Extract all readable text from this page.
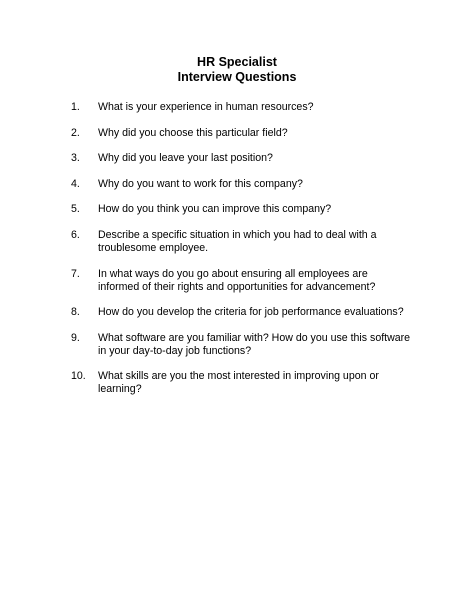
HR Specialist
Interview Questions
1. What is your experience in human resources?
2. Why did you choose this particular field?
3. Why did you leave your last position?
4. Why do you want to work for this company?
5. How do you think you can improve this company?
6. Describe a specific situation in which you had to deal with a troublesome employee.
7. In what ways do you go about ensuring all employees are informed of their rights and opportunities for advancement?
8. How do you develop the criteria for job performance evaluations?
9. What software are you familiar with? How do you use this software in your day-to-day job functions?
10. What skills are you the most interested in improving upon or learning?
